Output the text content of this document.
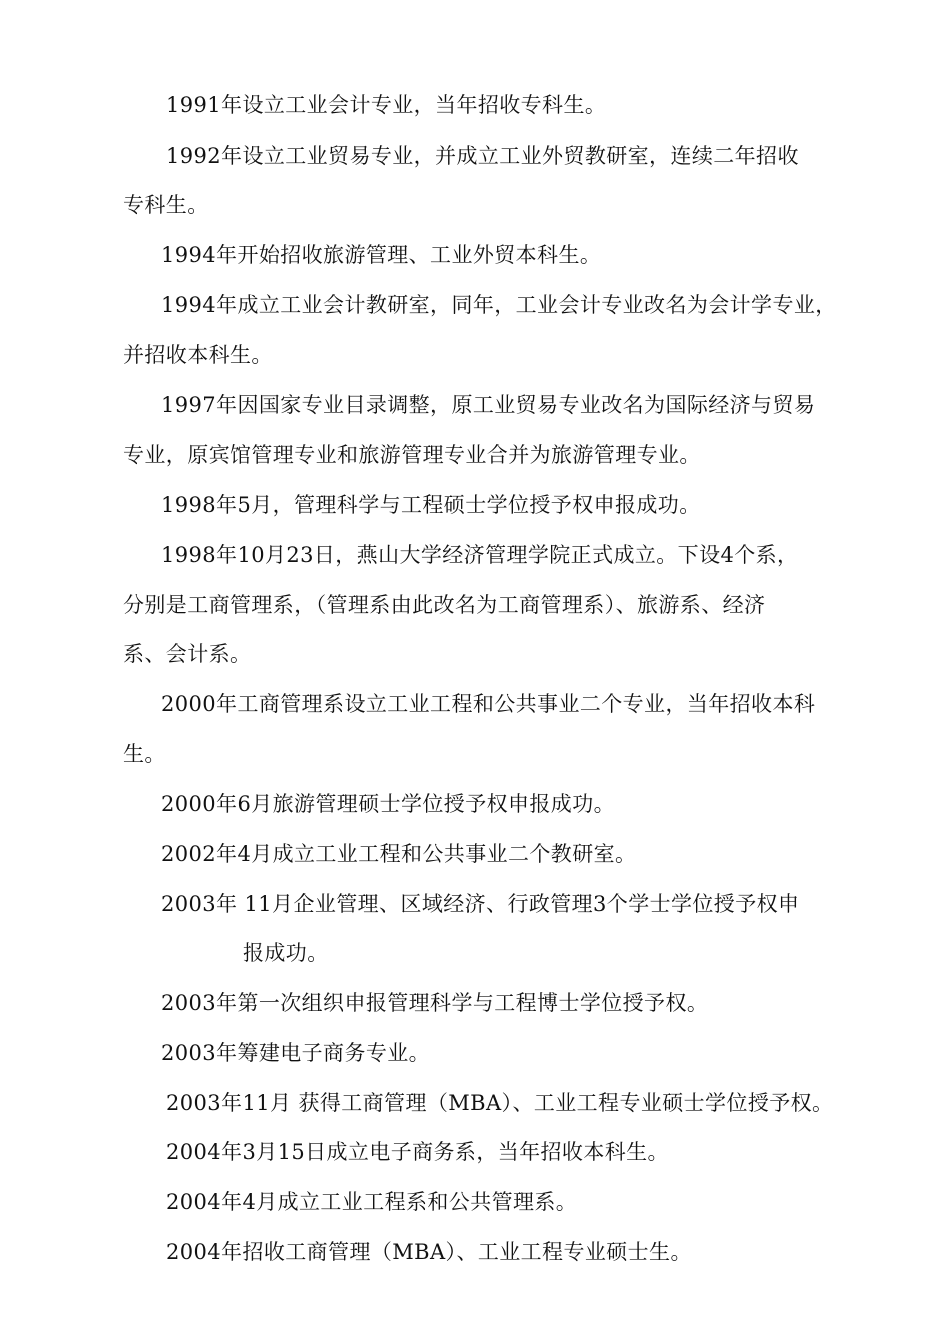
1991年设立工业会计专业，当年招收专科生。

1992年设立工业贸易专业，并成立工业外贸教研室，连续二年招收
专科生。

1994年开始招收旅游管理、工业外贸本科生。

1994年成立工业会计教研室，同年，工业会计专业改名为会计学专业，
并招收本科生。

1997年因国家专业目录调整，原工业贸易专业改名为国际经济与贸易
专业，原宾馆管理专业和旅游管理专业合并为旅游管理专业。

1998年5月，管理科学与工程硕士学位授予权申报成功。

1998年10月23日，燕山大学经济管理学院正式成立。下设4个系，
分别是工商管理系，（管理系由此改名为工商管理系）、旅游系、经济
系、会计系。

2000年工商管理系设立工业工程和公共事业二个专业，当年招收本科
生。

2000年6月旅游管理硕士学位授予权申报成功。

2002年4月成立工业工程和公共事业二个教研室。

2003年 11月企业管理、区域经济、行政管理3个学士学位授予权申
报成功。

2003年第一次组织申报管理科学与工程博士学位授予权。

2003年筹建电子商务专业。

2003年11月 获得工商管理（MBA）、工业工程专业硕士学位授予权。

2004年3月15日成立电子商务系，当年招收本科生。

2004年4月成立工业工程系和公共管理系。

2004年招收工商管理（MBA）、工业工程专业硕士生。
